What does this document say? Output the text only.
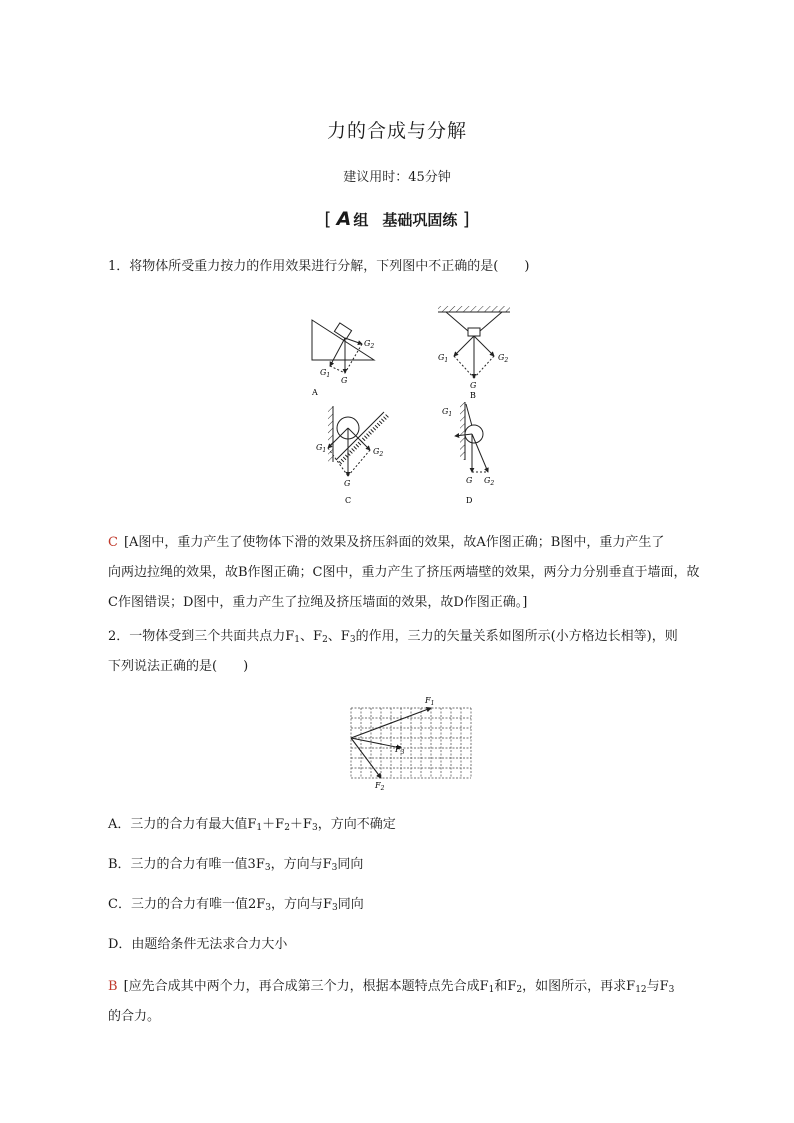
力的合成与分解
建议用时：45分钟
[ A 组 基础巩固练 ]

1．将物体所受重力按力的作用效果进行分解，下列图中不正确的是(　　)

G
$G_2$
$G_1$
A
G
$G_1$	$G_2$
B
G
$G_1$	$G_2$
C
G
$G_1$
$G_2$
D
C [A图中，重力产生了使物体下滑的效果及挤压斜面的效果，故A作图正确；B图中，重力产生了
向两边拉绳的效果，故B作图正确；C图中，重力产生了挤压两墙壁的效果，两分力分别垂直于墙面，故
C作图错误；D图中，重力产生了拉绳及挤压墙面的效果，故D作图正确。]
2．一物体受到三个共面共点力$F_1$、$F_2$、$F_3$的作用，三力的矢量关系如图所示(小方格边长相等)，则
下列说法正确的是(　　)
$F_1$
$F_3$
$F_2$
A．三力的合力有最大值$F_1+F_2+F_3$，方向不确定
B．三力的合力有唯一值$3F_3$，方向与$F_3$同向
C．三力的合力有唯一值$2F_3$，方向与$F_3$同向
D．由题给条件无法求合力大小
B [应先合成其中两个力，再合成第三个力，根据本题特点先合成$F_1$和$F_2$，如图所示，再求$F_{12}$与$F_3$
的合力。
